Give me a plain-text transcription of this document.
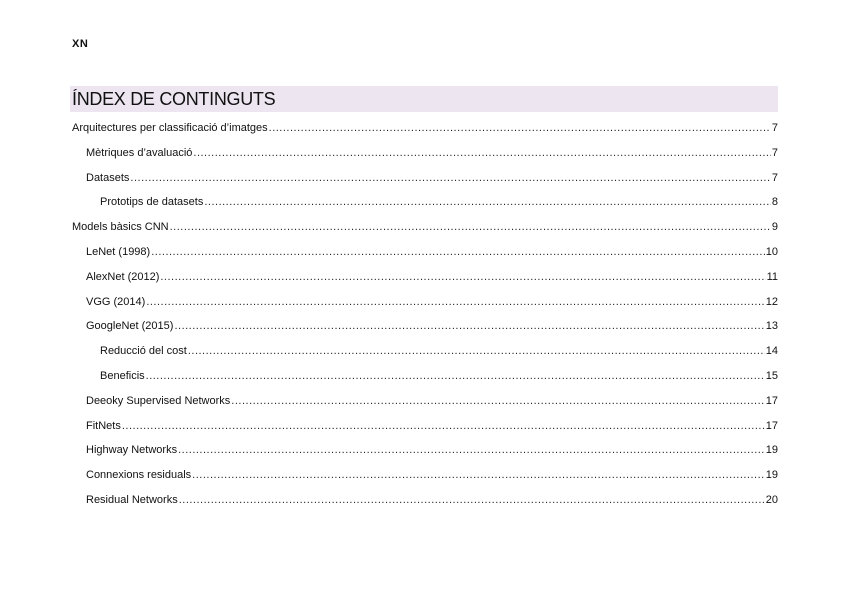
XN
ÍNDEX DE CONTINGUTS
Arquitectures per classificació d’imatges .....	7
Mètriques d’avaluació .....	7
Datasets .....	7
Prototips de datasets .....	8
Models bàsics CNN .....	9
LeNet (1998) .....	10
AlexNet (2012) .....	11
VGG (2014) .....	12
GoogleNet (2015) .....	13
Reducció del cost .....	14
Beneficis .....	15
Deeoky Supervised Networks .....	17
FitNets .....	17
Highway Networks .....	19
Connexions residuals .....	19
Residual Networks .....	20
